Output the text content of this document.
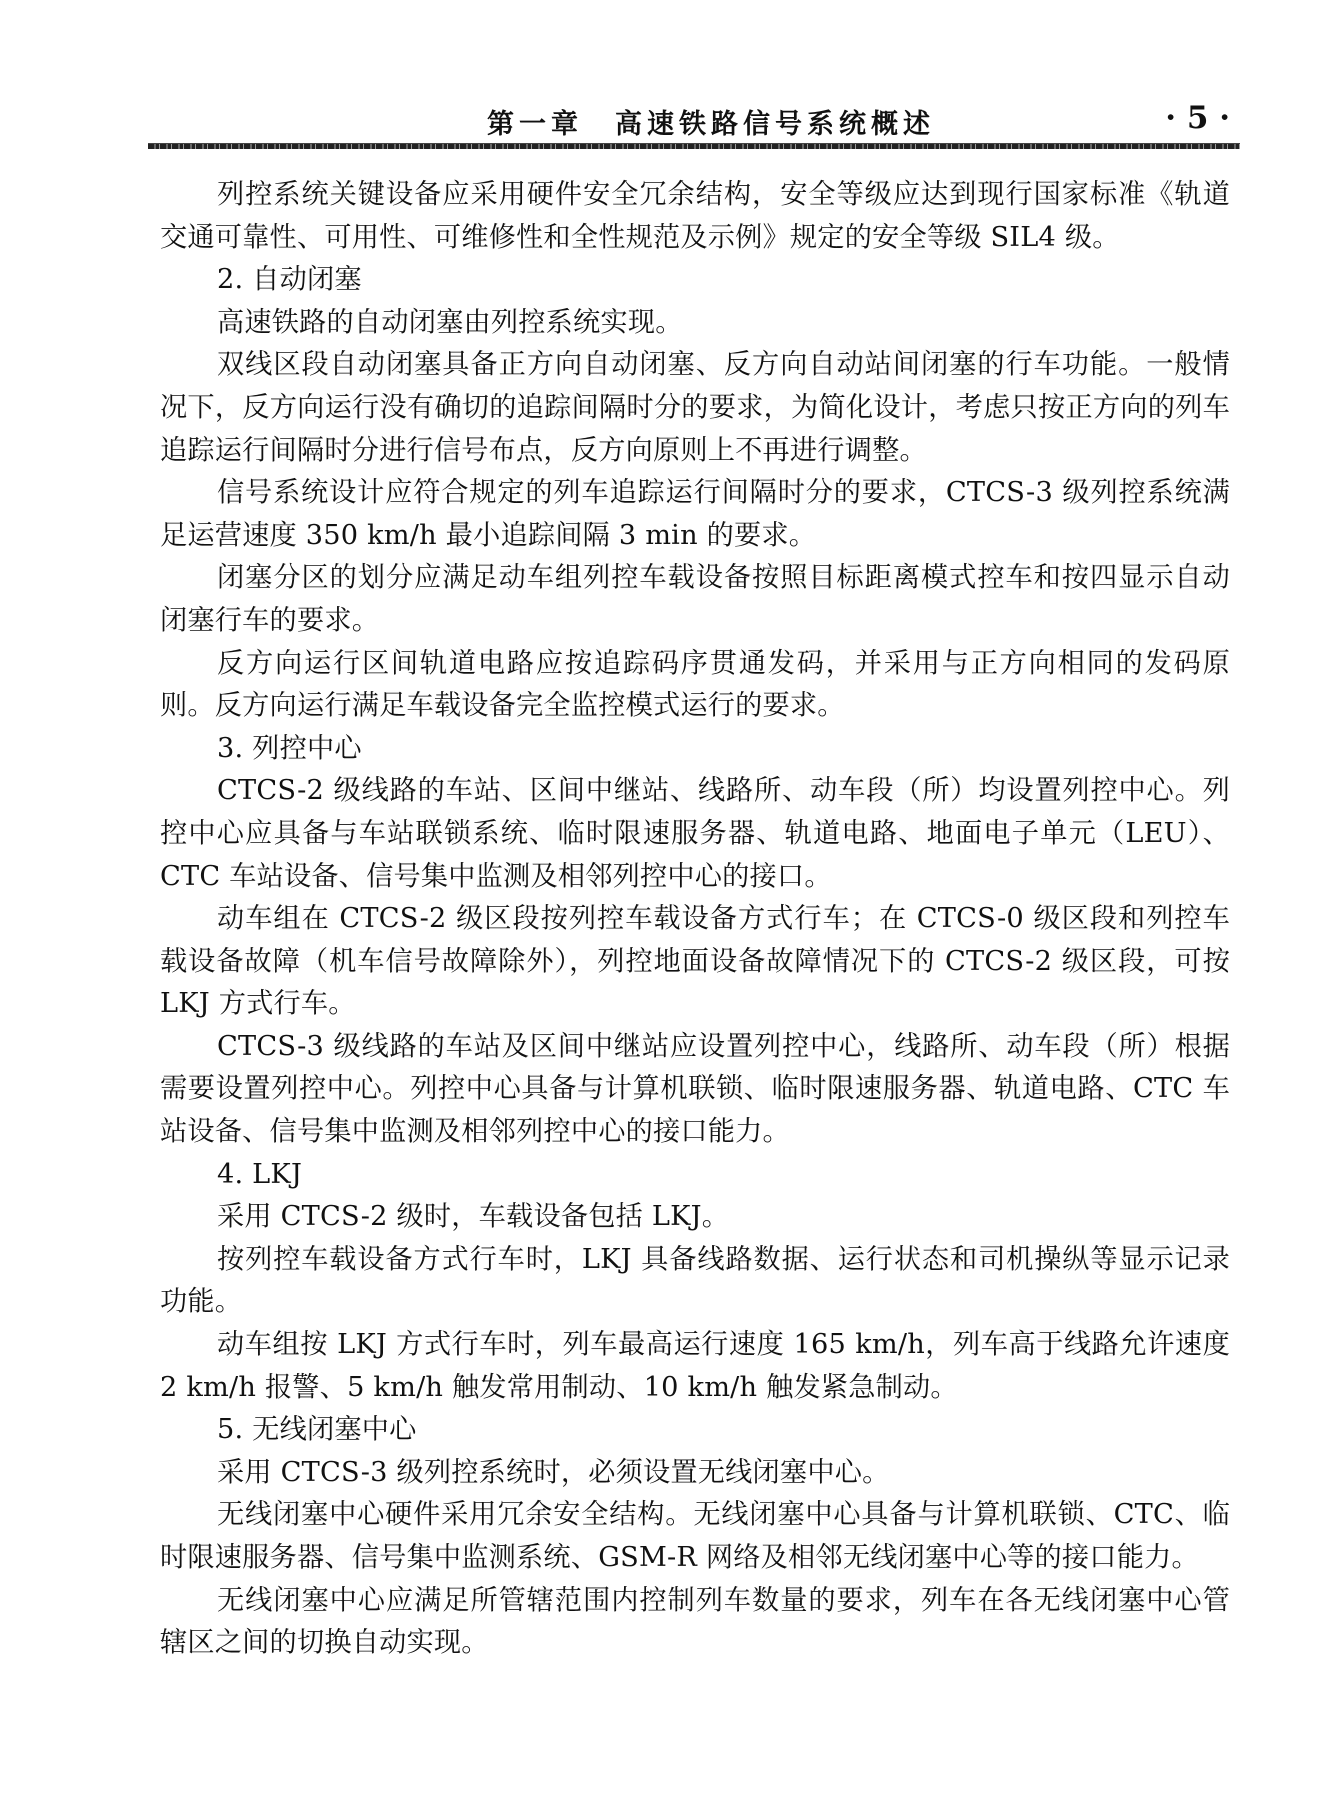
第一章　高速铁路信号系统概述	· 5 ·

列控系统关键设备应采用硬件安全冗余结构，安全等级应达到现行国家标准《轨道交通可靠性、可用性、可维修性和全性规范及示例》规定的安全等级 SIL4 级。

2. 自动闭塞

高速铁路的自动闭塞由列控系统实现。

双线区段自动闭塞具备正方向自动闭塞、反方向自动站间闭塞的行车功能。一般情况下，反方向运行没有确切的追踪间隔时分的要求，为简化设计，考虑只按正方向的列车追踪运行间隔时分进行信号布点，反方向原则上不再进行调整。

信号系统设计应符合规定的列车追踪运行间隔时分的要求，CTCS-3 级列控系统满足运营速度 350 km/h 最小追踪间隔 3 min 的要求。

闭塞分区的划分应满足动车组列控车载设备按照目标距离模式控车和按四显示自动闭塞行车的要求。

反方向运行区间轨道电路应按追踪码序贯通发码，并采用与正方向相同的发码原则。反方向运行满足车载设备完全监控模式运行的要求。

3. 列控中心

CTCS-2 级线路的车站、区间中继站、线路所、动车段（所）均设置列控中心。列控中心应具备与车站联锁系统、临时限速服务器、轨道电路、地面电子单元（LEU）、CTC 车站设备、信号集中监测及相邻列控中心的接口。

动车组在 CTCS-2 级区段按列控车载设备方式行车；在 CTCS-0 级区段和列控车载设备故障（机车信号故障除外），列控地面设备故障情况下的 CTCS-2 级区段，可按 LKJ 方式行车。

CTCS-3 级线路的车站及区间中继站应设置列控中心，线路所、动车段（所）根据需要设置列控中心。列控中心具备与计算机联锁、临时限速服务器、轨道电路、CTC 车站设备、信号集中监测及相邻列控中心的接口能力。

4. LKJ

采用 CTCS-2 级时，车载设备包括 LKJ。

按列控车载设备方式行车时，LKJ 具备线路数据、运行状态和司机操纵等显示记录功能。

动车组按 LKJ 方式行车时，列车最高运行速度 165 km/h，列车高于线路允许速度 2 km/h 报警、5 km/h 触发常用制动、10 km/h 触发紧急制动。

5. 无线闭塞中心

采用 CTCS-3 级列控系统时，必须设置无线闭塞中心。

无线闭塞中心硬件采用冗余安全结构。无线闭塞中心具备与计算机联锁、CTC、临时限速服务器、信号集中监测系统、GSM-R 网络及相邻无线闭塞中心等的接口能力。

无线闭塞中心应满足所管辖范围内控制列车数量的要求，列车在各无线闭塞中心管辖区之间的切换自动实现。
